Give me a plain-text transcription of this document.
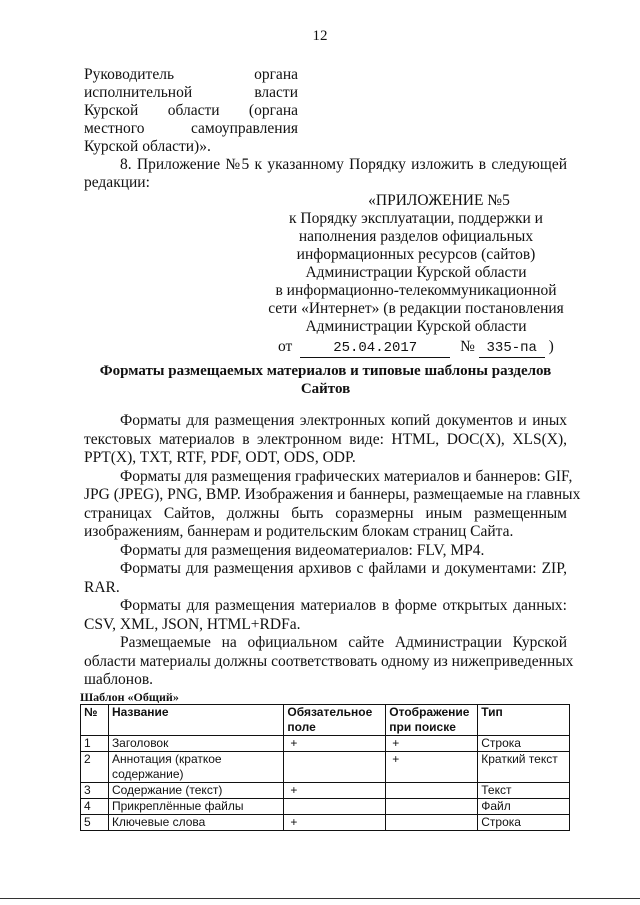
12
Руководитель	органа
исполнительной	власти
Курской области (органа
местного	самоуправления
Курской области)».
8. Приложение №5 к указанному Порядку изложить в следующей
редакции:
«ПРИЛОЖЕНИЕ №5
к Порядку эксплуатации, поддержки и
наполнения разделов официальных
информационных ресурсов (сайтов)
Администрации Курской области
в информационно-телекоммуникационной
сети «Интернет» (в редакции постановления
Администрации Курской области
от	25.04.2017	№ 335-па )
Форматы размещаемых материалов и типовые шаблоны разделов
Сайтов
Форматы для размещения электронных копий документов и иных
текстовых материалов в электронном виде: HTML, DOC(X), XLS(X),
PPT(X), TXT, RTF, PDF, ODT, ODS, ODP.
Форматы для размещения графических материалов и баннеров: GIF,
JPG (JPEG), PNG, BMP. Изображения и баннеры, размещаемые на главных
страницах Сайтов, должны быть соразмерны иным размещенным
изображениям, баннерам и родительским блокам страниц Сайта.
Форматы для размещения видеоматериалов: FLV, MP4.
Форматы для размещения архивов с файлами и документами: ZIP,
RAR.
Форматы для размещения материалов в форме открытых данных:
CSV, XML, JSON, HTML+RDFa.
Размещаемые на официальном сайте Администрации Курской
области материалы должны соответствовать одному из нижеприведенных
шаблонов.
Шаблон «Общий»
№	Название	Обязательное поле	Отображение при поиске	Тип
1	Заголовок	+	+	Строка
2	Аннотация (краткое содержание)		+	Краткий текст
3	Содержание (текст)	+		Текст
4	Прикреплённые файлы			Файл
5	Ключевые слова	+		Строка
